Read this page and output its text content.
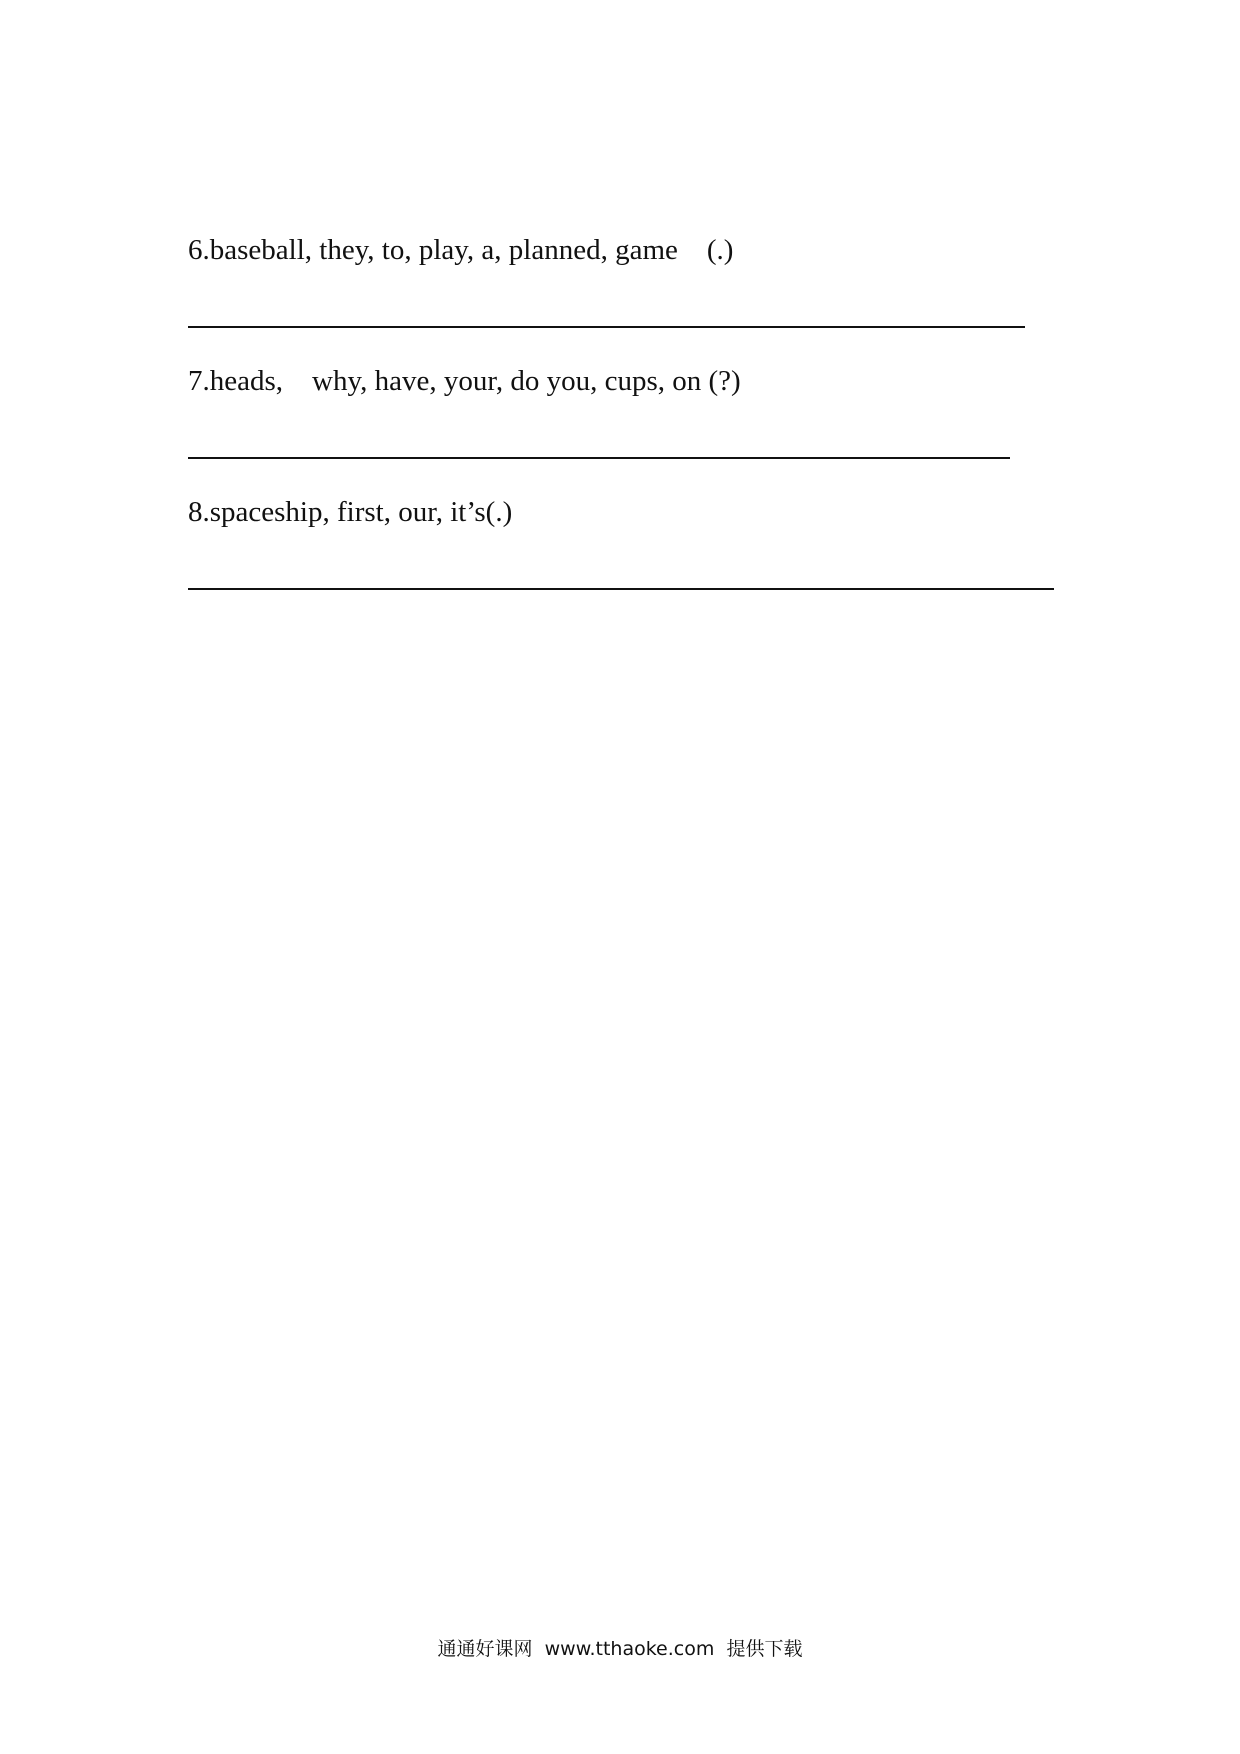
6.baseball, they, to, play, a, planned, game    (.)
7.heads,    why, have, your, do you, cups, on (?)
8.spaceship, first, our, it’s(.)
通通好课网 www.tthaoke.com 提供下载
